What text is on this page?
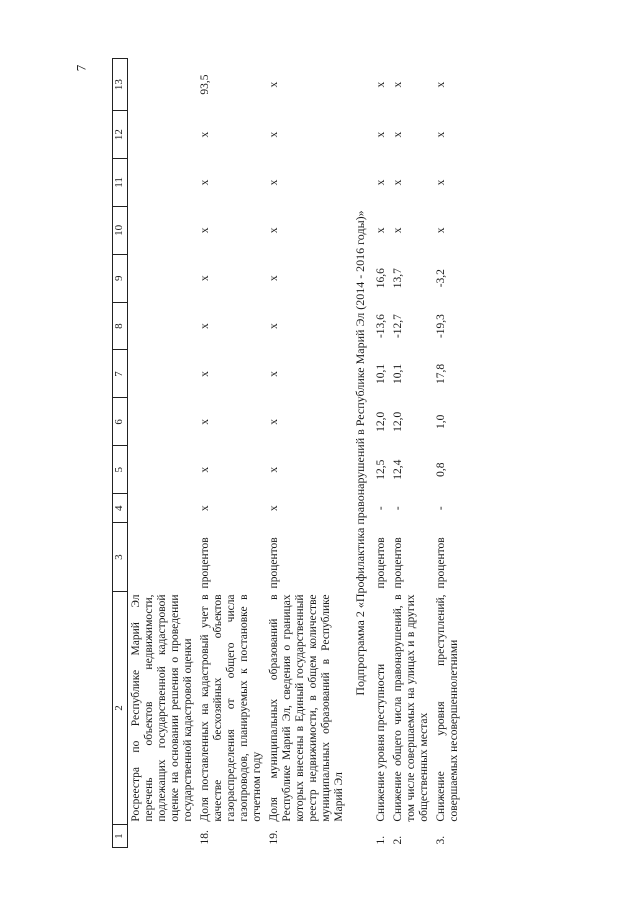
7
1	2	3	4	5	6	7	8	9	10	11	12	13
	Росреестра по Республике Марий Эл перечень объектов недвижимости, подлежащих государственной кадастровой оценке на основании решения о проведении государственной кадастровой оценки											
18.	Доля поставленных на кадастровый учет в качестве бесхозяйных объектов газораспределения от общего числа газопроводов, планируемых к постановке в отчетном году	процентов	x	x	x	x	x	x	x	x	x	93,5
19.	Доля муниципальных образований в Республике Марий Эл, сведения о границах которых внесены в Единый государственный реестр недвижимости, в общем количестве муниципальных образований в Республике Марий Эл	процентов	x	x	x	x	x	x	x	x	x	x
Подпрограмма 2 «Профилактика правонарушений в Республике Марий Эл (2014 - 2016 годы)»												
1.	Снижение уровня преступности	процентов	-	12,5	12,0	10,1	-13,6	16,6	x	x	x	x
2.	Снижение общего числа правонарушений, в том числе совершаемых на улицах и в других общественных местах	процентов	-	12,4	12,0	10,1	-12,7	13,7	x	x	x	x
3.	Снижение уровня преступлений, совершаемых несовершеннолетними	процентов	-	0,8	1,0	17,8	-19,3	-3,2	x	x	x	x
